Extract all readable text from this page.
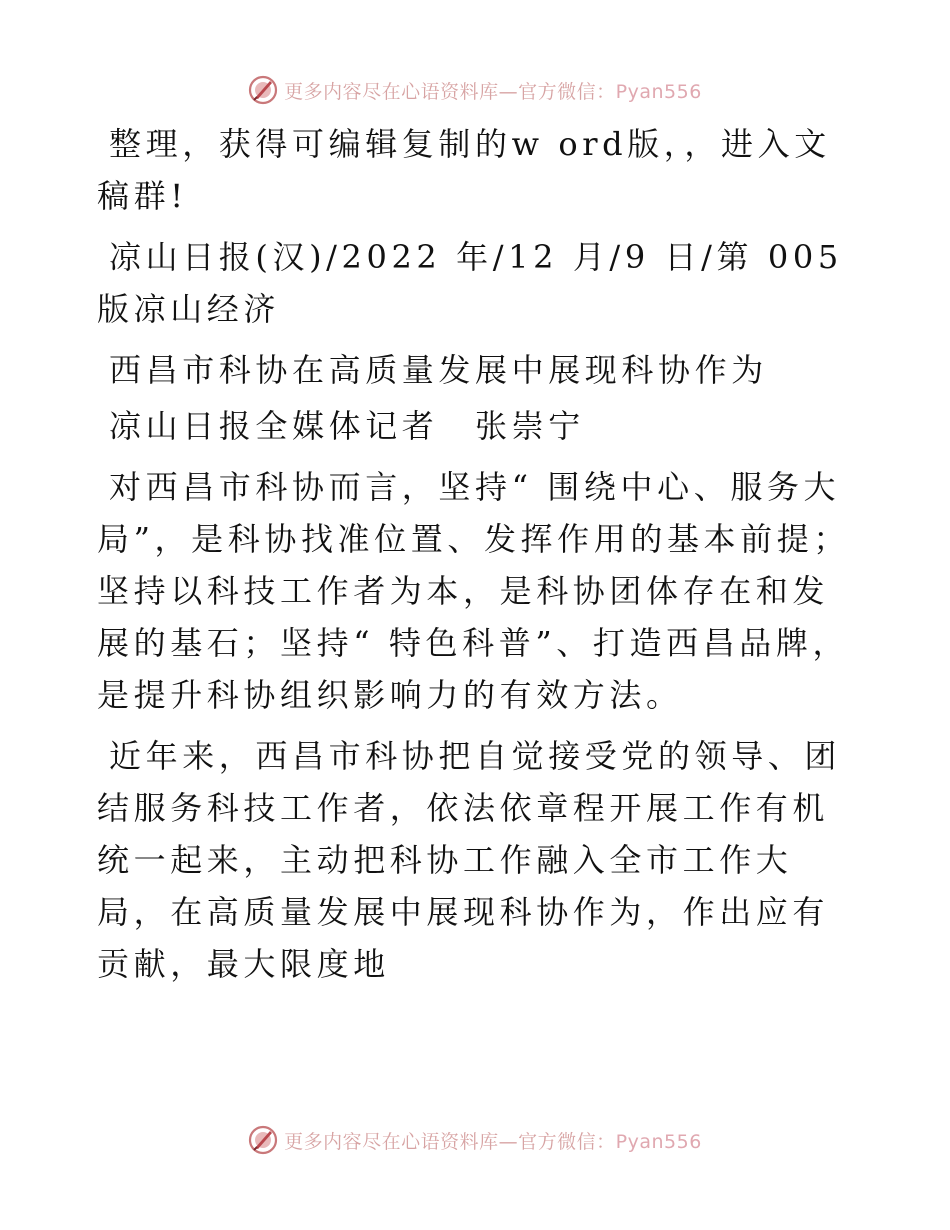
更多内容尽在心语资料库—官方微信：Pyan556

整理，获得可编辑复制的w ord版，，进入文稿群!

凉山日报(汉)/2022 年/12 月/9 日/第 005 版凉山经济

西昌市科协在高质量发展中展现科协作为

凉山日报全媒体记者　张崇宁

对西昌市科协而言，坚持“ 围绕中心、服务大局”，是科协找准位置、发挥作用的基本前提；坚持以科技工作者为本，是科协团体存在和发展的基石；坚持“ 特色科普”、打造西昌品牌，是提升科协组织影响力的有效方法。

近年来，西昌市科协把自觉接受党的领导、团结服务科技工作者，依法依章程开展工作有机统一起来，主动把科协工作融入全市工作大局，在高质量发展中展现科协作为，作出应有贡献，最大限度地

更多内容尽在心语资料库—官方微信：Pyan556
